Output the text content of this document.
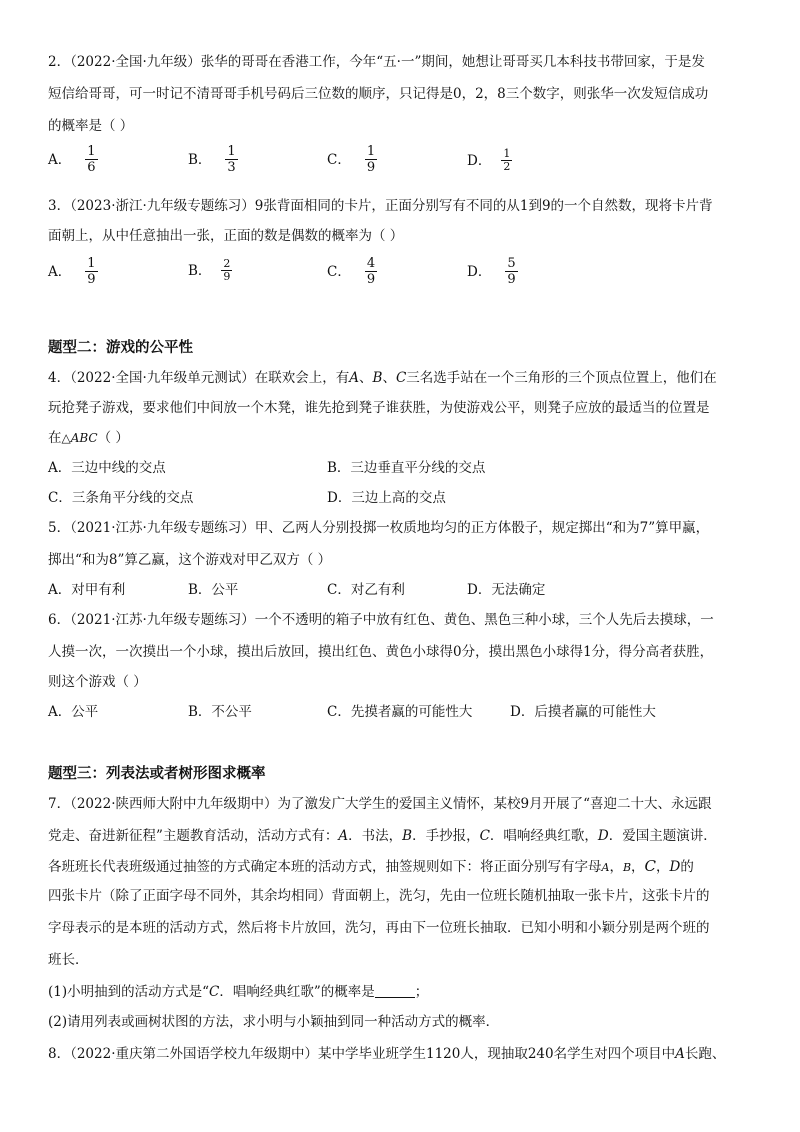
2．（2022·全国·九年级）张华的哥哥在香港工作，今年“五·一”期间，她想让哥哥买几本科技书带回家，于是发
短信给哥哥，可一时记不清哥哥手机号码后三位数的顺序，只记得是0，2，8三个数字，则张华一次发短信成功
的概率是（ ）
A． $\frac{1}{6}$	B． $\frac{1}{3}$	C． $\frac{1}{9}$	D． $\frac{1}{2}$
3．（2023·浙江·九年级专题练习）9张背面相同的卡片，正面分别写有不同的从1到9的一个自然数，现将卡片背
面朝上，从中任意抽出一张，正面的数是偶数的概率为（ ）
A． $\frac{1}{9}$	B． $\frac{2}{9}$	C． $\frac{4}{9}$	D． $\frac{5}{9}$
题型二：游戏的公平性
4．（2022·全国·九年级单元测试）在联欢会上，有A、B、C三名选手站在一个三角形的三个顶点位置上，他们在
玩抢凳子游戏，要求他们中间放一个木凳，谁先抢到凳子谁获胜，为使游戏公平，则凳子应放的最适当的位置是
在△ABC（ ）
A．三边中线的交点	B．三边垂直平分线的交点
C．三条角平分线的交点	D．三边上高的交点
5．（2021·江苏·九年级专题练习）甲、乙两人分别投掷一枚质地均匀的正方体骰子，规定掷出“和为7”算甲赢，
掷出“和为8”算乙赢，这个游戏对甲乙双方（ ）
A．对甲有利	B．公平	C．对乙有利	D．无法确定
6．（2021·江苏·九年级专题练习）一个不透明的箱子中放有红色、黄色、黑色三种小球，三个人先后去摸球，一
人摸一次，一次摸出一个小球，摸出后放回，摸出红色、黄色小球得0分，摸出黑色小球得1分，得分高者获胜，
则这个游戏（ ）
A．公平	B．不公平	C．先摸者赢的可能性大	D．后摸者赢的可能性大
题型三：列表法或者树形图求概率
7．（2022·陕西师大附中九年级期中）为了激发广大学生的爱国主义情怀，某校9月开展了“喜迎二十大、永远跟
党走、奋进新征程”主题教育活动，活动方式有：A．书法，B．手抄报，C．唱响经典红歌，D．爱国主题演讲．
各班班长代表班级通过抽签的方式确定本班的活动方式，抽签规则如下：将正面分别写有字母A，B，C，D的
四张卡片（除了正面字母不同外，其余均相同）背面朝上，洗匀，先由一位班长随机抽取一张卡片，这张卡片的
字母表示的是本班的活动方式，然后将卡片放回，洗匀，再由下一位班长抽取．已知小明和小颖分别是两个班的
班长．
(1)小明抽到的活动方式是“C．唱响经典红歌”的概率是	；
(2)请用列表或画树状图的方法，求小明与小颖抽到同一种活动方式的概率．
8．（2022·重庆第二外国语学校九年级期中）某中学毕业班学生1120人，现抽取240名学生对四个项目中A长跑、
